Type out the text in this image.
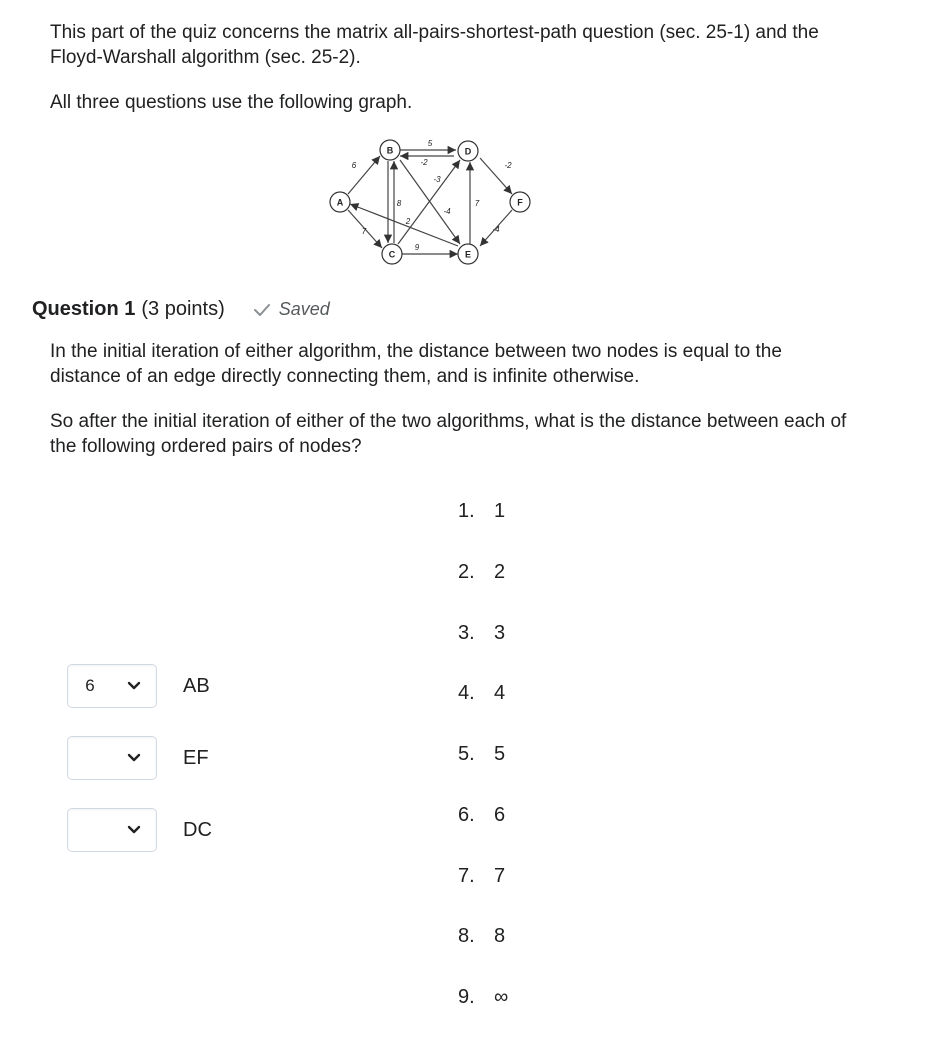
This part of the quiz concerns the matrix all-pairs-shortest-path question (sec. 25-1) and the Floyd-Warshall algorithm (sec. 25-2).

All three questions use the following graph.

A
B
C
D
E
F
6
5
-2
7
8
2
-3
-4
9
7
-2
-4
Question 1 (3 points)	Saved

In the initial iteration of either algorithm, the distance between two nodes is equal to the distance of an edge directly connecting them, and is infinite otherwise.

So after the initial iteration of either of the two algorithms, what is the distance between each of the following ordered pairs of nodes?

6	AB
EF
DC
1. 1
2. 2
3. 3
4. 4
5. 5
6. 6
7. 7
8. 8
9. ∞
